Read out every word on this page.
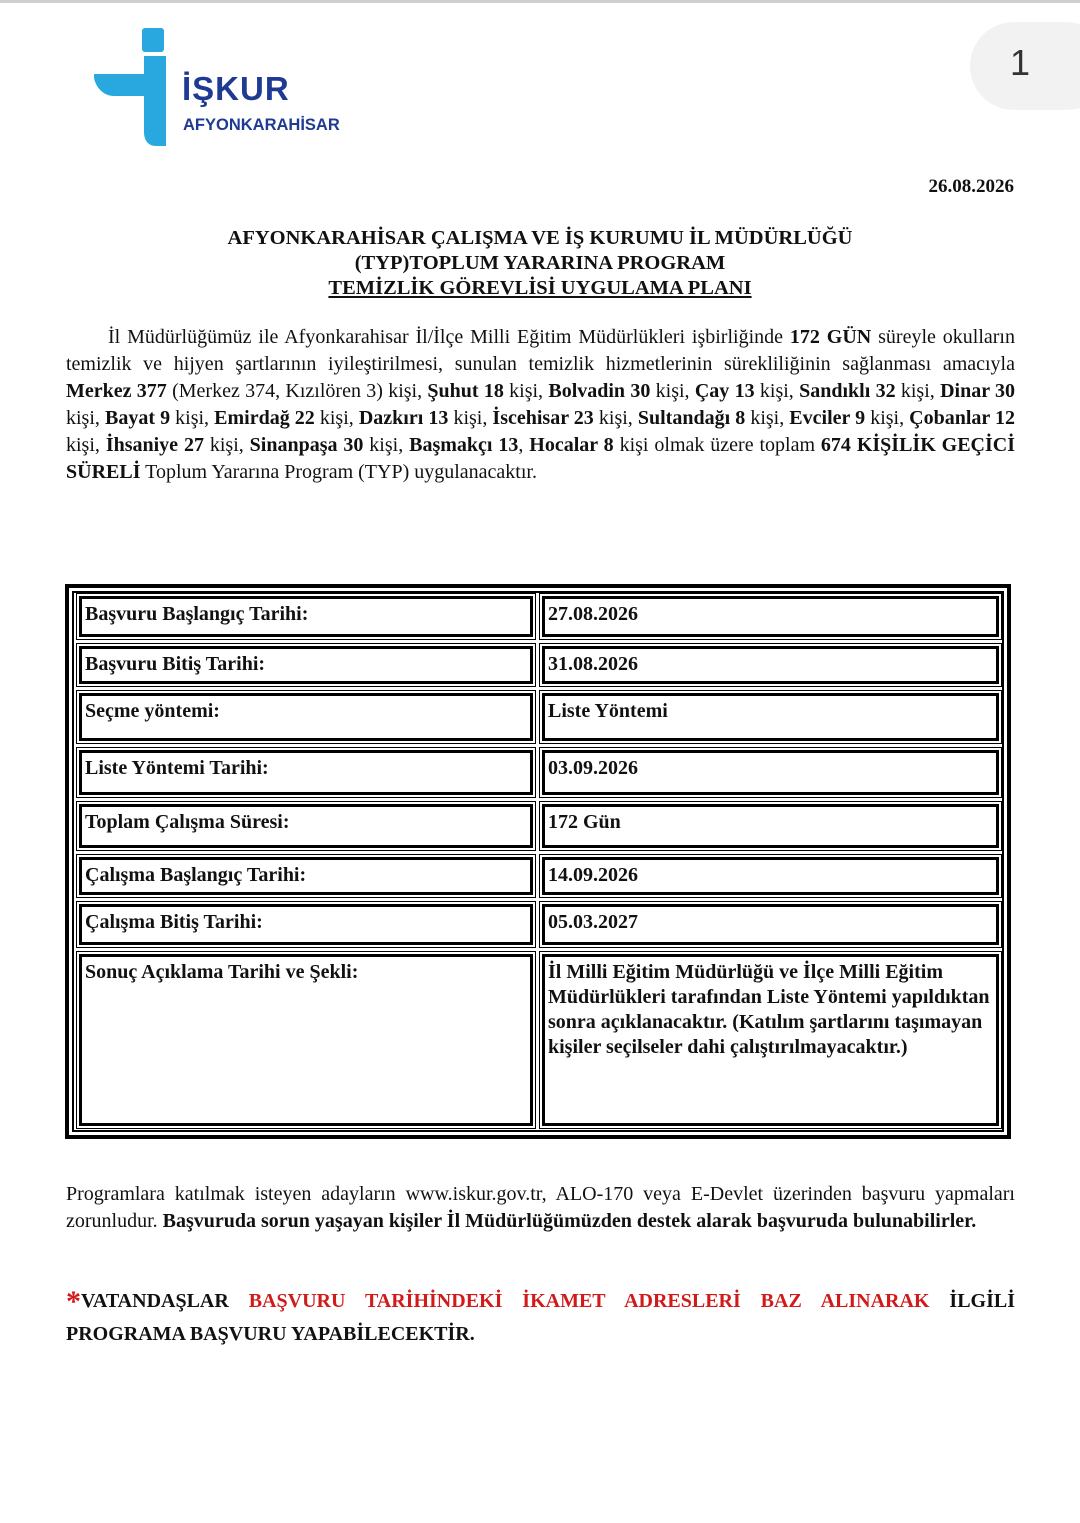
İŞKUR
AFYONKARAHİSAR
1
26.08.2026
AFYONKARAHİSAR ÇALIŞMA VE İŞ KURUMU İL MÜDÜRLÜĞÜ
(TYP)TOPLUM YARARINA PROGRAM
TEMİZLİK GÖREVLİSİ UYGULAMA PLANI
İl Müdürlüğümüz ile Afyonkarahisar İl/İlçe Milli Eğitim Müdürlükleri işbirliğinde 172 GÜN süreyle okulların temizlik ve hijyen şartlarının iyileştirilmesi, sunulan temizlik hizmetlerinin sürekliliğinin sağlanması amacıyla Merkez 377 (Merkez 374, Kızılören 3) kişi, Şuhut 18 kişi, Bolvadin 30 kişi, Çay 13 kişi, Sandıklı 32 kişi, Dinar 30 kişi, Bayat 9 kişi, Emirdağ 22 kişi, Dazkırı 13 kişi, İscehisar 23 kişi, Sultandağı 8 kişi, Evciler 9 kişi, Çobanlar 12 kişi, İhsaniye 27 kişi, Sinanpaşa 30 kişi, Başmakçı 13, Hocalar 8 kişi olmak üzere toplam 674 KİŞİLİK GEÇİCİ SÜRELİ Toplum Yararına Program (TYP) uygulanacaktır.
Başvuru Başlangıç Tarihi:	27.08.2026
Başvuru Bitiş Tarihi:	31.08.2026
Seçme yöntemi:	Liste Yöntemi
Liste Yöntemi Tarihi:	03.09.2026
Toplam Çalışma Süresi:	172 Gün
Çalışma Başlangıç Tarihi:	14.09.2026
Çalışma Bitiş Tarihi:	05.03.2027
Sonuç Açıklama Tarihi ve Şekli:	İl Milli Eğitim Müdürlüğü ve İlçe Milli Eğitim Müdürlükleri tarafından Liste Yöntemi yapıldıktan sonra açıklanacaktır. (Katılım şartlarını taşımayan kişiler seçilseler dahi çalıştırılmayacaktır.)
Programlara katılmak isteyen adayların www.iskur.gov.tr, ALO-170 veya E-Devlet üzerinden başvuru yapmaları zorunludur. Başvuruda sorun yaşayan kişiler İl Müdürlüğümüzden destek alarak başvuruda bulunabilirler.
*VATANDAŞLAR BAŞVURU TARİHİNDEKİ İKAMET ADRESLERİ BAZ ALINARAK İLGİLİ PROGRAMA BAŞVURU YAPABİLECEKTİR.
